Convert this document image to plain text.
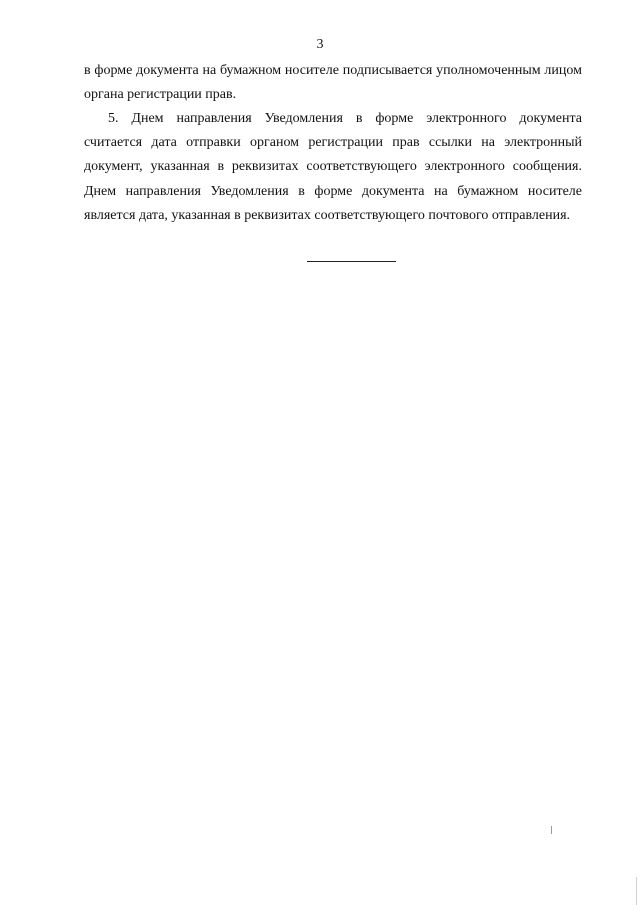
3
в форме документа на бумажном носителе подписывается уполномоченным лицом
органа регистрации прав.
5. Днем направления Уведомления в форме электронного документа
считается дата отправки органом регистрации прав ссылки на электронный
документ, указанная в реквизитах соответствующего электронного сообщения.
Днем направления Уведомления в форме документа на бумажном носителе
является дата, указанная в реквизитах соответствующего почтового отправления.
